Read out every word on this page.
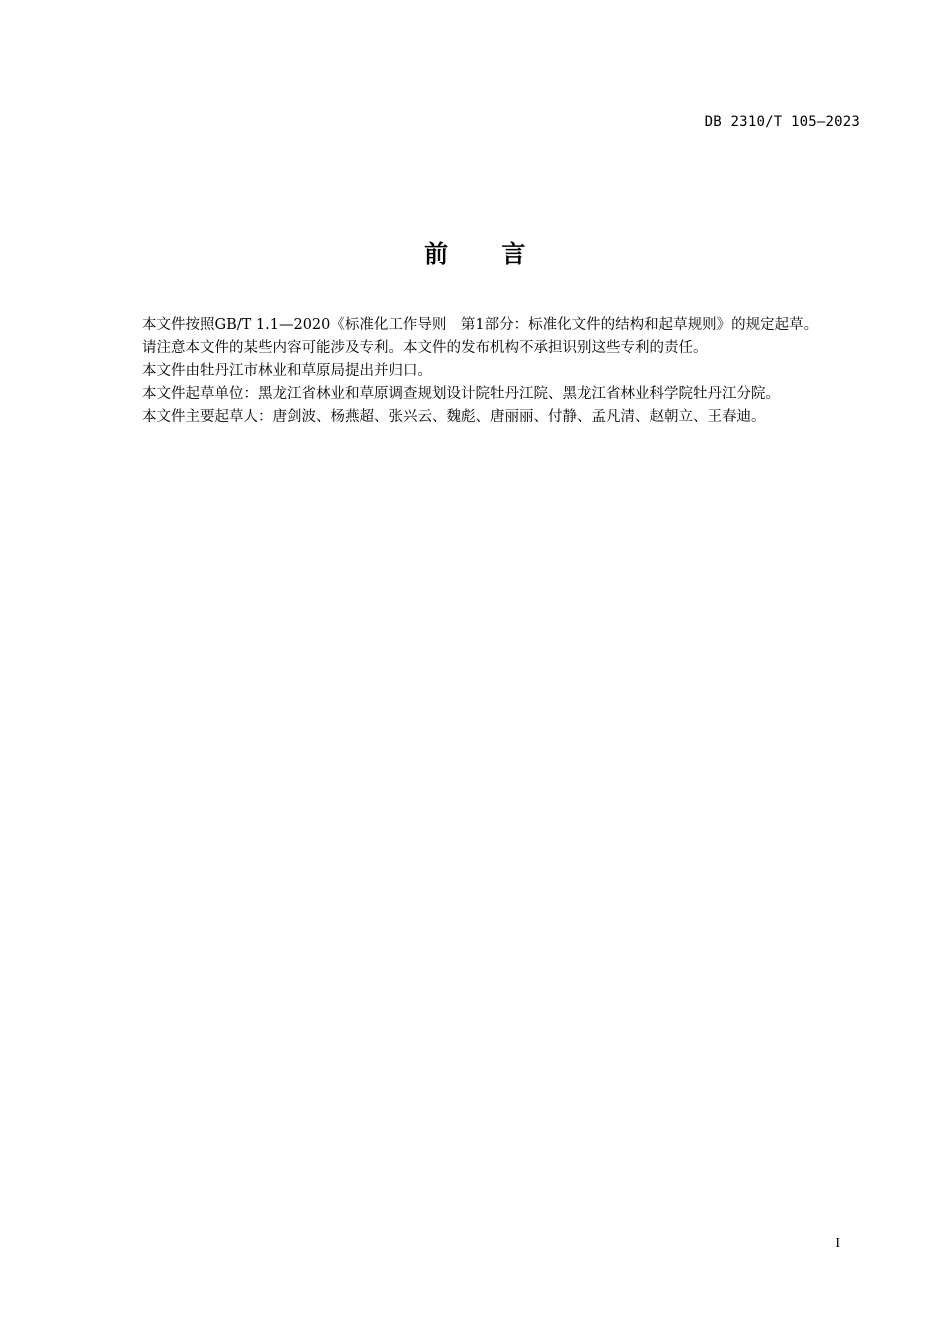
DB 2310/T 105—2023
前 言

本文件按照GB/T 1.1—2020《标准化工作导则　第1部分：标准化文件的结构和起草规则》的规定起草。

请注意本文件的某些内容可能涉及专利。本文件的发布机构不承担识别这些专利的责任。

本文件由牡丹江市林业和草原局提出并归口。

本文件起草单位：黑龙江省林业和草原调查规划设计院牡丹江院、黑龙江省林业科学院牡丹江分院。

本文件主要起草人：唐剑波、杨燕超、张兴云、魏彪、唐丽丽、付静、孟凡清、赵朝立、王春迪。

I
